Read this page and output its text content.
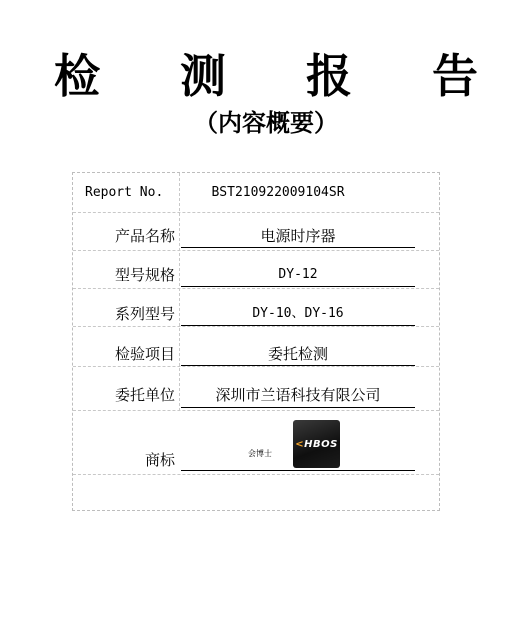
检 测 报 告
（内容概要）
Report No.	BST210922009104SR
产品名称	电源时序器
型号规格	DY-12
系列型号	DY-10、DY-16
检验项目	委托检测
委托单位	深圳市兰语科技有限公司
商标	会博士
<HBOS
